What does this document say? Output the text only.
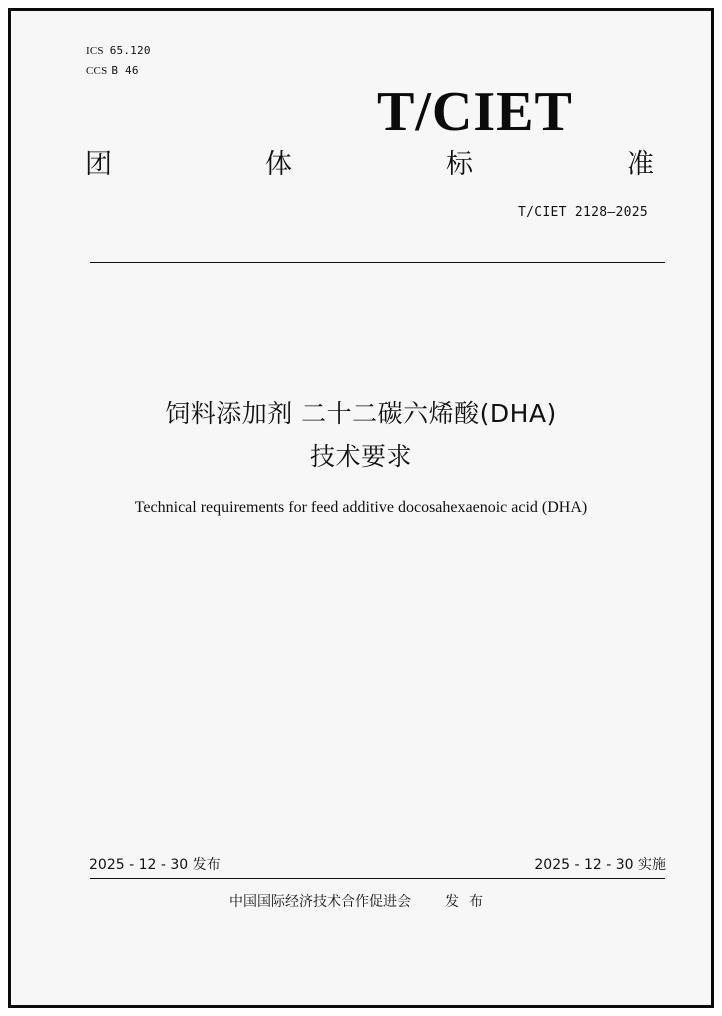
ICS 65.120
CCS B 46
T/CIET
团	体	标	准
T/CIET 2128—2025
饲料添加剂 二十二碳六烯酸(DHA)
技术要求
Technical requirements for feed additive docosahexaenoic acid (DHA)
2025 - 12 - 30 发布	2025 - 12 - 30 实施
中国国际经济技术合作促进会 发布
